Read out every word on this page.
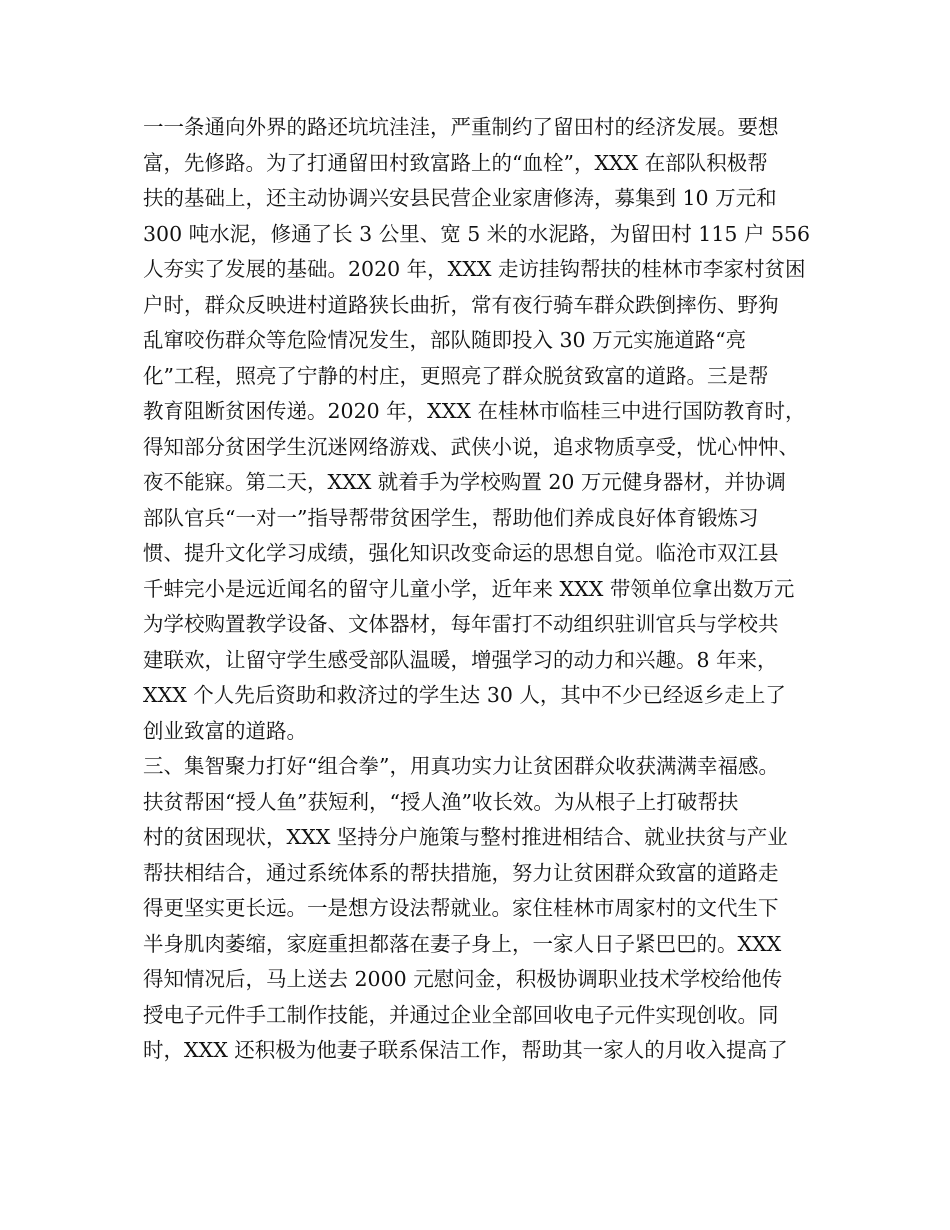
一一条通向外界的路还坑坑洼洼，严重制约了留田村的经济发展。要想
富，先修路。为了打通留田村致富路上的“血栓”，XXX 在部队积极帮
扶的基础上，还主动协调兴安县民营企业家唐修涛，募集到 10 万元和
300 吨水泥，修通了长 3 公里、宽 5 米的水泥路，为留田村 115 户 556
人夯实了发展的基础。2020 年，XXX 走访挂钩帮扶的桂林市李家村贫困
户时，群众反映进村道路狭长曲折，常有夜行骑车群众跌倒摔伤、野狗
乱窜咬伤群众等危险情况发生，部队随即投入 30 万元实施道路“亮
化”工程，照亮了宁静的村庄，更照亮了群众脱贫致富的道路。三是帮
教育阻断贫困传递。2020 年，XXX 在桂林市临桂三中进行国防教育时，
得知部分贫困学生沉迷网络游戏、武侠小说，追求物质享受，忧心忡忡、
夜不能寐。第二天，XXX 就着手为学校购置 20 万元健身器材，并协调
部队官兵“一对一”指导帮带贫困学生，帮助他们养成良好体育锻炼习
惯、提升文化学习成绩，强化知识改变命运的思想自觉。临沧市双江县
千蚌完小是远近闻名的留守儿童小学，近年来 XXX 带领单位拿出数万元
为学校购置教学设备、文体器材，每年雷打不动组织驻训官兵与学校共
建联欢，让留守学生感受部队温暖，增强学习的动力和兴趣。8 年来，
XXX 个人先后资助和救济过的学生达 30 人，其中不少已经返乡走上了
创业致富的道路。
三、集智聚力打好“组合拳”，用真功实力让贫困群众收获满满幸福感。
扶贫帮困“授人鱼”获短利，“授人渔”收长效。为从根子上打破帮扶
村的贫困现状，XXX 坚持分户施策与整村推进相结合、就业扶贫与产业
帮扶相结合，通过系统体系的帮扶措施，努力让贫困群众致富的道路走
得更坚实更长远。一是想方设法帮就业。家住桂林市周家村的文代生下
半身肌肉萎缩，家庭重担都落在妻子身上，一家人日子紧巴巴的。XXX
得知情况后，马上送去 2000 元慰问金，积极协调职业技术学校给他传
授电子元件手工制作技能，并通过企业全部回收电子元件实现创收。同
时，XXX 还积极为他妻子联系保洁工作，帮助其一家人的月收入提高了
